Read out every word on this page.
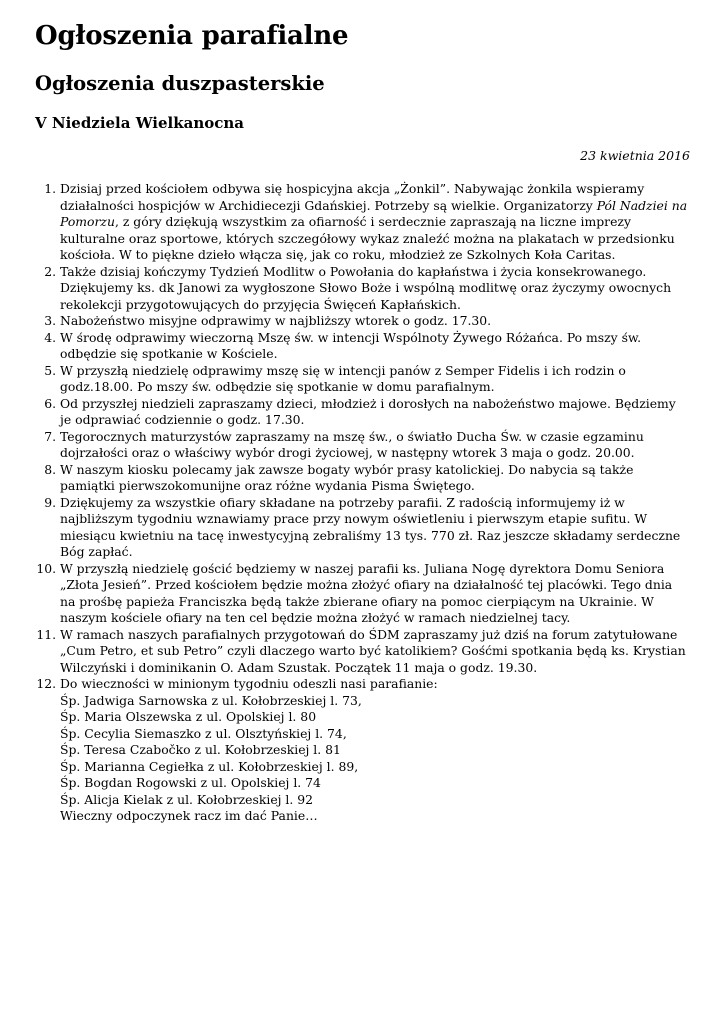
Ogłoszenia parafialne
Ogłoszenia duszpasterskie
V Niedziela Wielkanocna

23 kwietnia 2016

1. Dzisiaj przed kościołem odbywa się hospicyjna akcja „Żonkil”. Nabywając żonkila wspieramy działalności hospicjów w Archidiecezji Gdańskiej. Potrzeby są wielkie. Organizatorzy Pól Nadziei na Pomorzu, z góry dziękują wszystkim za ofiarność i serdecznie zapraszają na liczne imprezy kulturalne oraz sportowe, których szczegółowy wykaz znaleźć można na plakatach w przedsionku kościoła. W to piękne dzieło włącza się, jak co roku, młodzież ze Szkolnych Koła Caritas.
2. Także dzisiaj kończymy Tydzień Modlitw o Powołania do kapłaństwa i życia konsekrowanego. Dziękujemy ks. dk Janowi za wygłoszone Słowo Boże i wspólną modlitwę oraz życzymy owocnych rekolekcji przygotowujących do przyjęcia Święceń Kapłańskich.
3. Nabożeństwo misyjne odprawimy w najbliższy wtorek o godz. 17.30.
4. W środę odprawimy wieczorną Mszę św. w intencji Wspólnoty Żywego Różańca. Po mszy św. odbędzie się spotkanie w Kościele.
5. W przyszłą niedzielę odprawimy mszę się w intencji panów z Semper Fidelis i ich rodzin o godz.18.00. Po mszy św. odbędzie się spotkanie w domu parafialnym.
6. Od przyszłej niedzieli zapraszamy dzieci, młodzież i dorosłych na nabożeństwo majowe. Będziemy je odprawiać codziennie o godz. 17.30.
7. Tegorocznych maturzystów zapraszamy na mszę św., o światło Ducha Św. w czasie egzaminu dojrzałości oraz o właściwy wybór drogi życiowej, w następny wtorek 3 maja o godz. 20.00.
8. W naszym kiosku polecamy jak zawsze bogaty wybór prasy katolickiej. Do nabycia są także pamiątki pierwszokomunijne oraz różne wydania Pisma Świętego.
9. Dziękujemy za wszystkie ofiary składane na potrzeby parafii. Z radością informujemy iż w najbliższym tygodniu wznawiamy prace przy nowym oświetleniu i pierwszym etapie sufitu. W miesiącu kwietniu na tacę inwestycyjną zebraliśmy 13 tys. 770 zł. Raz jeszcze składamy serdeczne Bóg zapłać.
10. W przyszłą niedzielę gościć będziemy w naszej parafii ks. Juliana Nogę dyrektora Domu Seniora „Złota Jesień”. Przed kościołem będzie można złożyć ofiary na działalność tej placówki. Tego dnia na prośbę papieża Franciszka będą także zbierane ofiary na pomoc cierpiącym na Ukrainie. W naszym kościele ofiary na ten cel będzie można złożyć w ramach niedzielnej tacy.
11. W ramach naszych parafialnych przygotowań do ŚDM zapraszamy już dziś na forum zatytułowane „Cum Petro, et sub Petro” czyli dlaczego warto być katolikiem? Gośćmi spotkania będą ks. Krystian Wilczyński i dominikanin O. Adam Szustak. Początek 11 maja o godz. 19.30.
12. Do wieczności w minionym tygodniu odeszli nasi parafianie:
Śp. Jadwiga Sarnowska z ul. Kołobrzeskiej l. 73,
Śp. Maria Olszewska z ul. Opolskiej l. 80
Śp. Cecylia Siemaszko z ul. Olsztyńskiej l. 74,
Śp. Teresa Czabočko z ul. Kołobrzeskiej l. 81
Śp. Marianna Cegiełka z ul. Kołobrzeskiej l. 89,
Śp. Bogdan Rogowski z ul. Opolskiej l. 74
Śp. Alicja Kielak z ul. Kołobrzeskiej l. 92
Wieczny odpoczynek racz im dać Panie…
